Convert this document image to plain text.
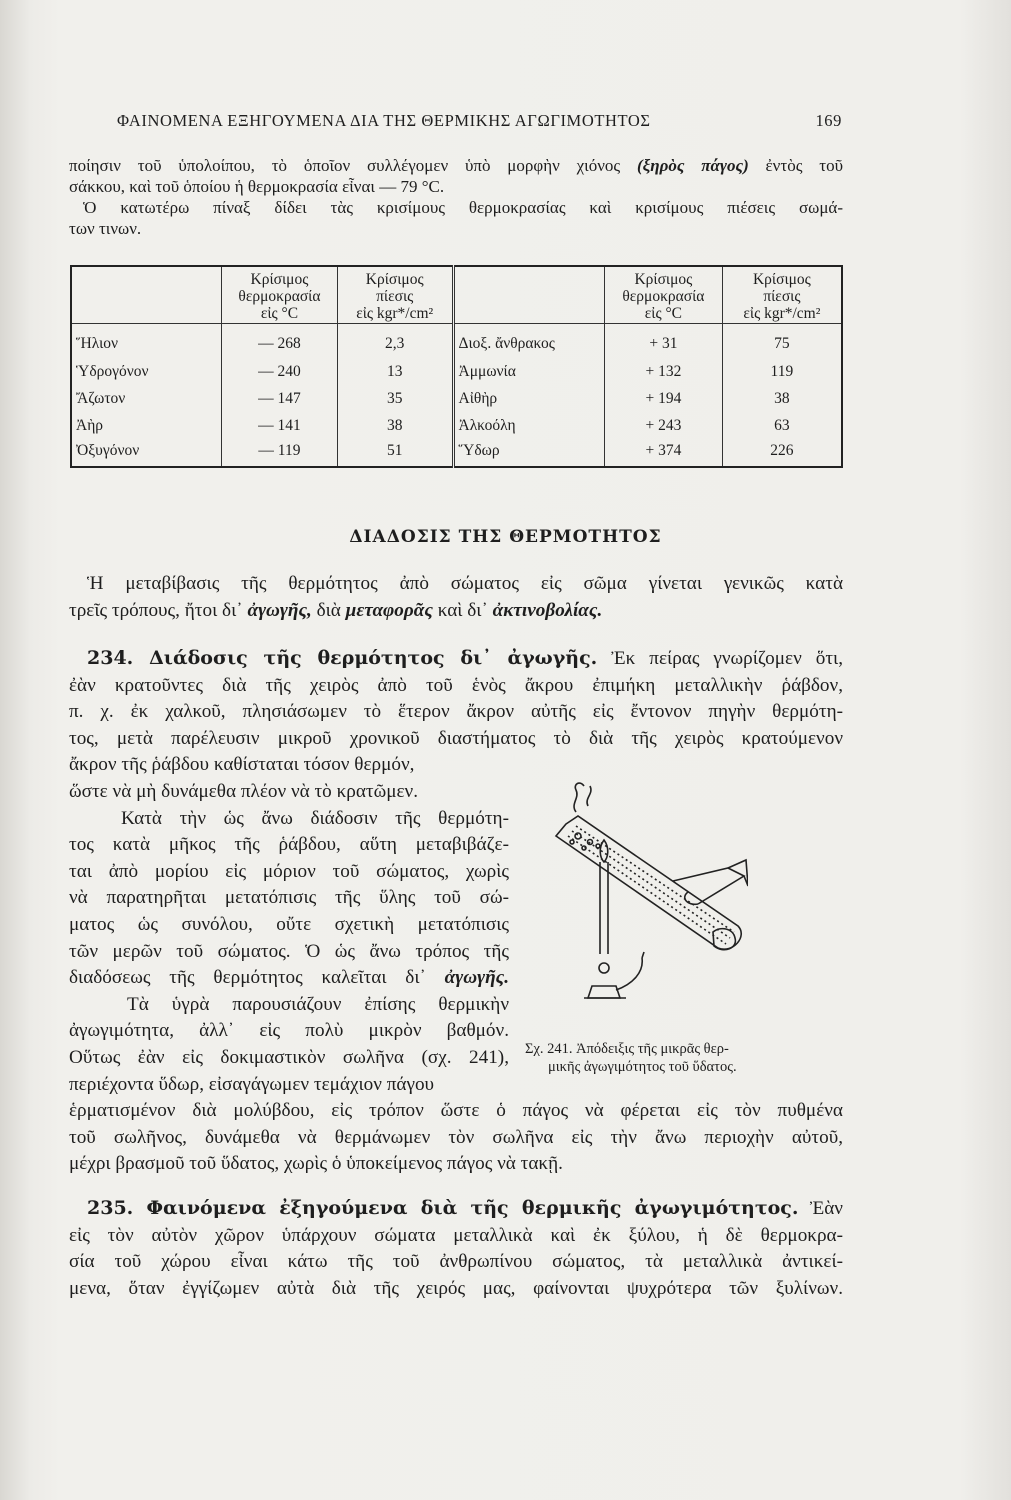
ΦΑΙΝΟΜΕΝΑ ΕΞΗΓΟΥΜΕΝΑ ΔΙΑ ΤΗΣ ΘΕΡΜΙΚΗΣ ΑΓΩΓΙΜΟΤΗΤΟΣ	169
ποίησιν τοῦ ὑπολοίπου, τὸ ὁποῖον συλλέγομεν ὑπὸ μορφὴν χιόνος (ξηρὸς πάγος) ἐντὸς τοῦ
σάκκου, καὶ τοῦ ὁποίου ἡ θερμοκρασία εἶναι — 79 °C.
Ὁ κατωτέρω πίναξ δίδει τὰς κρισίμους θερμοκρασίας καὶ κρισίμους πιέσεις σωμά-
των τινων.
	Κρίσιμος
θερμοκρασία
εἰς °C	Κρίσιμος
πίεσις
εἰς kgr*/cm²		Κρίσιμος
θερμοκρασία
εἰς °C	Κρίσιμος
πίεσις
εἰς kgr*/cm²
Ἥλιον	— 268	2,3	Διοξ. ἄνθρακος	+ 31	75
Ὑδρογόνον	— 240	13	Ἀμμωνία	+ 132	119
Ἄζωτον	— 147	35	Αἰθὴρ	+ 194	38
Ἀὴρ	— 141	38	Ἀλκοόλη	+ 243	63
Ὀξυγόνον	— 119	51	Ὕδωρ	+ 374	226
ΔΙΑΔΟΣΙΣ ΤΗΣ ΘΕΡΜΟΤΗΤΟΣ
Ἡ μεταβίβασις τῆς θερμότητος ἀπὸ σώματος εἰς σῶμα γίνεται γενικῶς κατὰ
τρεῖς τρόπους, ἤτοι δι᾽ ἀγωγῆς, διὰ μεταφορᾶς καὶ δι᾽ ἀκτινοβολίας.
234. Διάδοσις τῆς θερμότητος δι᾽ ἀγωγῆς. Ἐκ πείρας γνωρίζομεν ὅτι,
ἐὰν κρατοῦντες διὰ τῆς χειρὸς ἀπὸ τοῦ ἑνὸς ἄκρου ἐπιμήκη μεταλλικὴν ῥάβδον,
π. χ. ἐκ χαλκοῦ, πλησιάσωμεν τὸ ἕτερον ἄκρον αὐτῆς εἰς ἔντονον πηγὴν θερμότη-
τος, μετὰ παρέλευσιν μικροῦ χρονικοῦ διαστήματος τὸ διὰ τῆς χειρὸς κρατούμενον
ἄκρον τῆς ῥάβδου καθίσταται τόσον θερμόν,
ὥστε νὰ μὴ δυνάμεθα πλέον νὰ τὸ κρατῶμεν.
Κατὰ τὴν ὡς ἄνω διάδοσιν τῆς θερμότη-
τος κατὰ μῆκος τῆς ῥάβδου, αὕτη μεταβιβάζε-
ται ἀπὸ μορίου εἰς μόριον τοῦ σώματος, χωρὶς
νὰ παρατηρῆται μετατόπισις τῆς ὕλης τοῦ σώ-
ματος ὡς συνόλου, οὔτε σχετικὴ μετατόπισις
τῶν μερῶν τοῦ σώματος. Ὁ ὡς ἄνω τρόπος τῆς
διαδόσεως τῆς θερμότητος καλεῖται δι᾽ ἀγωγῆς.
Τὰ ὑγρὰ παρουσιάζουν ἐπίσης θερμικὴν
ἀγωγιμότητα, ἀλλ᾽ εἰς πολὺ μικρὸν βαθμόν.
Οὕτως ἐὰν εἰς δοκιμαστικὸν σωλῆνα (σχ. 241),
περιέχοντα ὕδωρ, εἰσαγάγωμεν τεμάχιον πάγου
ἑρματισμένον διὰ μολύβδου, εἰς τρόπον ὥστε ὁ πάγος νὰ φέρεται εἰς τὸν πυθμένα
τοῦ σωλῆνος, δυνάμεθα νὰ θερμάνωμεν τὸν σωλῆνα εἰς τὴν ἄνω περιοχὴν αὐτοῦ,
μέχρι βρασμοῦ τοῦ ὕδατος, χωρὶς ὁ ὑποκείμενος πάγος νὰ τακῇ.
Σχ. 241. Ἀπόδειξις τῆς μικρᾶς θερ-
μικῆς ἀγωγιμότητος τοῦ ὕδατος.
235. Φαινόμενα ἐξηγούμενα διὰ τῆς θερμικῆς ἀγωγιμότητος. Ἐὰν
εἰς τὸν αὐτὸν χῶρον ὑπάρχουν σώματα μεταλλικὰ καὶ ἐκ ξύλου, ἡ δὲ θερμοκρα-
σία τοῦ χώρου εἶναι κάτω τῆς τοῦ ἀνθρωπίνου σώματος, τὰ μεταλλικὰ ἀντικεί-
μενα, ὅταν ἐγγίζωμεν αὐτὰ διὰ τῆς χειρός μας, φαίνονται ψυχρότερα τῶν ξυλίνων.
